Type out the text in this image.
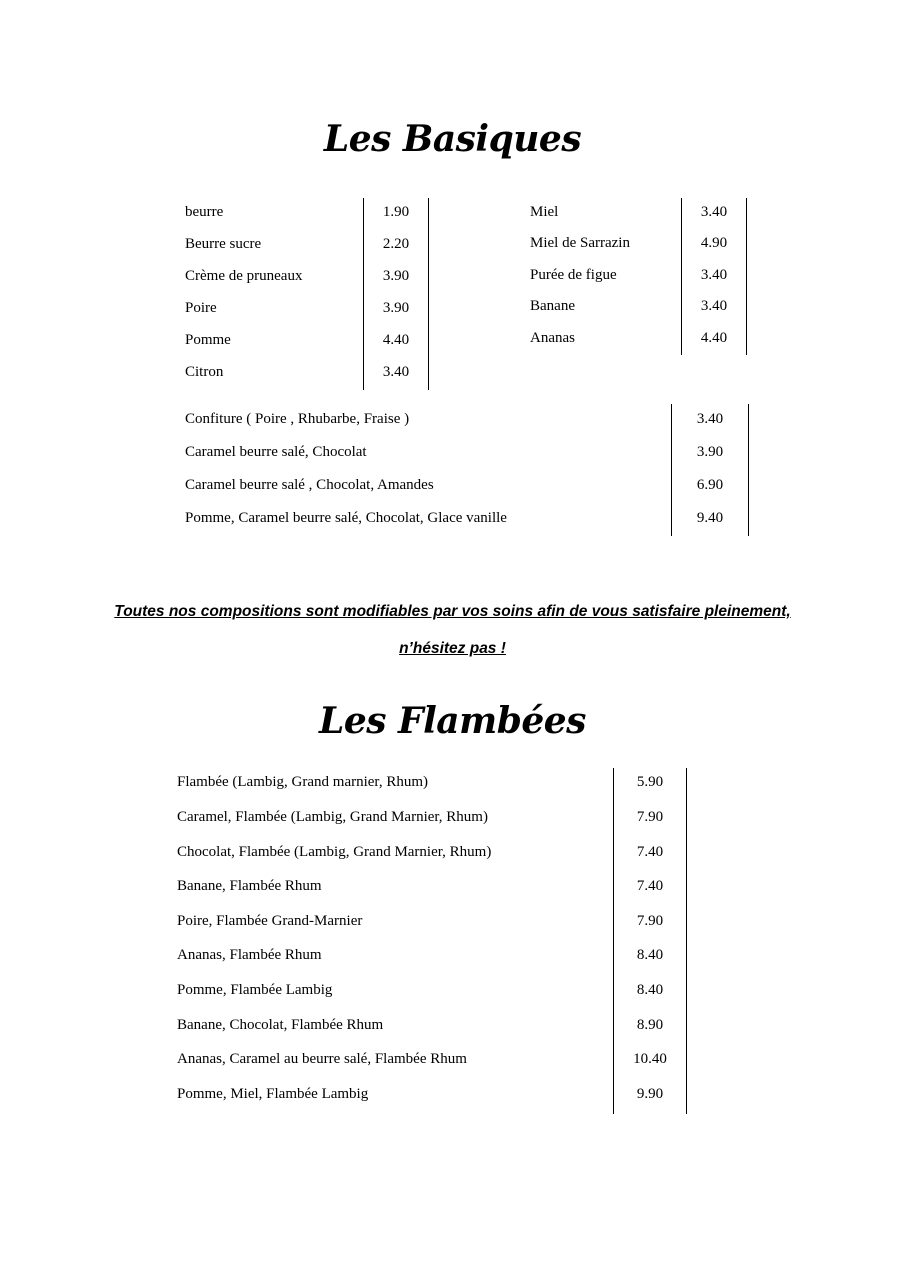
Les Basiques
beurre	1.90
Beurre sucre	2.20
Crème de pruneaux	3.90
Poire	3.90
Pomme	4.40
Citron	3.40
Miel	3.40
Miel de Sarrazin	4.90
Purée de figue	3.40
Banane	3.40
Ananas	4.40
Confiture ( Poire , Rhubarbe, Fraise )	3.40
Caramel beurre salé, Chocolat	3.90
Caramel beurre salé , Chocolat, Amandes	6.90
Pomme, Caramel beurre salé, Chocolat, Glace vanille	9.40
Toutes nos compositions sont modifiables par vos soins afin de vous satisfaire pleinement,
n’hésitez pas !
Les Flambées
Flambée (Lambig, Grand marnier, Rhum)	5.90
Caramel, Flambée (Lambig, Grand Marnier, Rhum)	7.90
Chocolat, Flambée (Lambig, Grand Marnier, Rhum)	7.40
Banane, Flambée Rhum	7.40
Poire, Flambée Grand-Marnier	7.90
Ananas, Flambée Rhum	8.40
Pomme, Flambée Lambig	8.40
Banane, Chocolat, Flambée Rhum	8.90
Ananas, Caramel au beurre salé, Flambée Rhum	10.40
Pomme, Miel, Flambée Lambig	9.90
